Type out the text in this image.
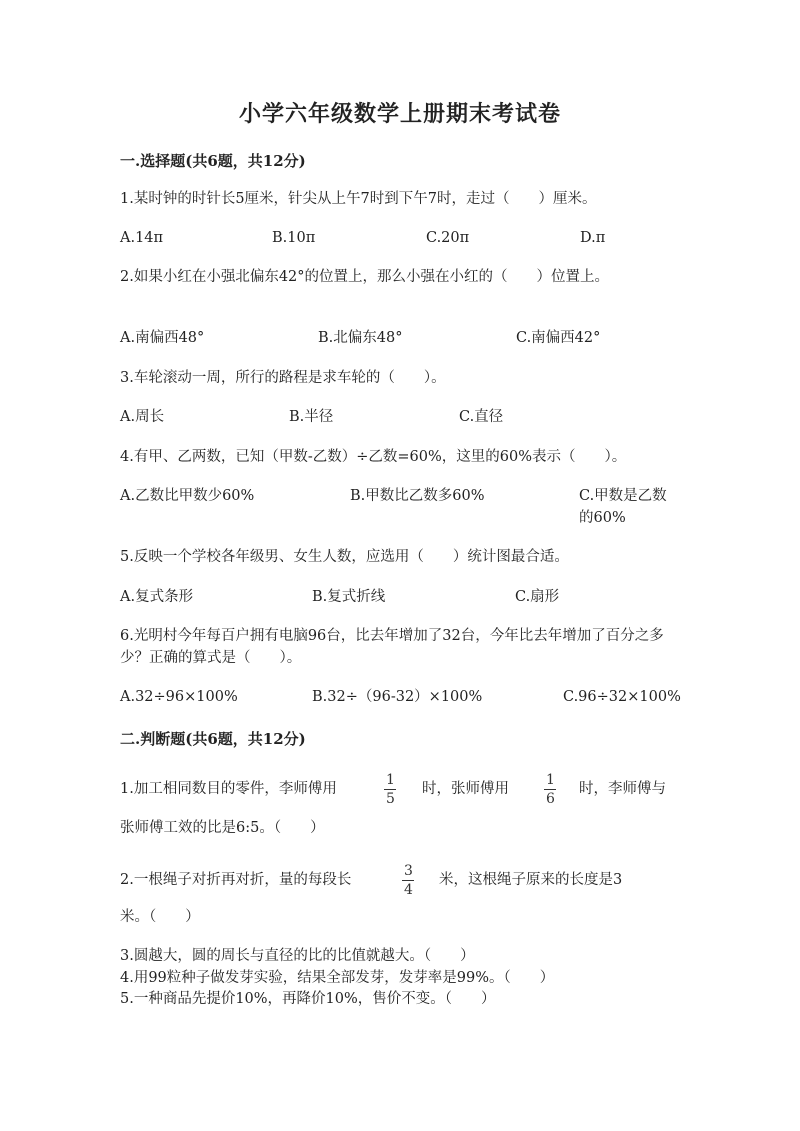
小学六年级数学上册期末考试卷
一.选择题(共6题，共12分)
1.某时钟的时针长5厘米，针尖从上午7时到下午7时，走过（　　）厘米。
A.14π	B.10π	C.20π	D.π
2.如果小红在小强北偏东42°的位置上，那么小强在小红的（　　）位置上。
A.南偏西48°	B.北偏东48°	C.南偏西42°
3.车轮滚动一周，所行的路程是求车轮的（　　）。
A.周长	B.半径	C.直径
4.有甲、乙两数，已知（甲数-乙数）÷乙数=60%，这里的60%表示（　　）。
A.乙数比甲数少60%	B.甲数比乙数多60%	C.甲数是乙数的60%
5.反映一个学校各年级男、女生人数，应选用（　　）统计图最合适。
A.复式条形	B.复式折线	C.扇形
6.光明村今年每百户拥有电脑96台，比去年增加了32台，今年比去年增加了百分之多少？正确的算式是（　　）。
A.32÷96×100%	B.32÷（96-32）×100%	C.96÷32×100%
二.判断题(共6题，共12分)
1.加工相同数目的零件，李师傅用	时，张师傅用	时，李师傅与
1
5
1
6
张师傅工效的比是6:5。（　　）
2.一根绳子对折再对折，量的每段长	米，这根绳子原来的长度是3
3
4
米。（　　）
3.圆越大，圆的周长与直径的比的比值就越大。（　　）
4.用99粒种子做发芽实验，结果全部发芽，发芽率是99%。（　　）
5.一种商品先提价10%，再降价10%，售价不变。（　　）
